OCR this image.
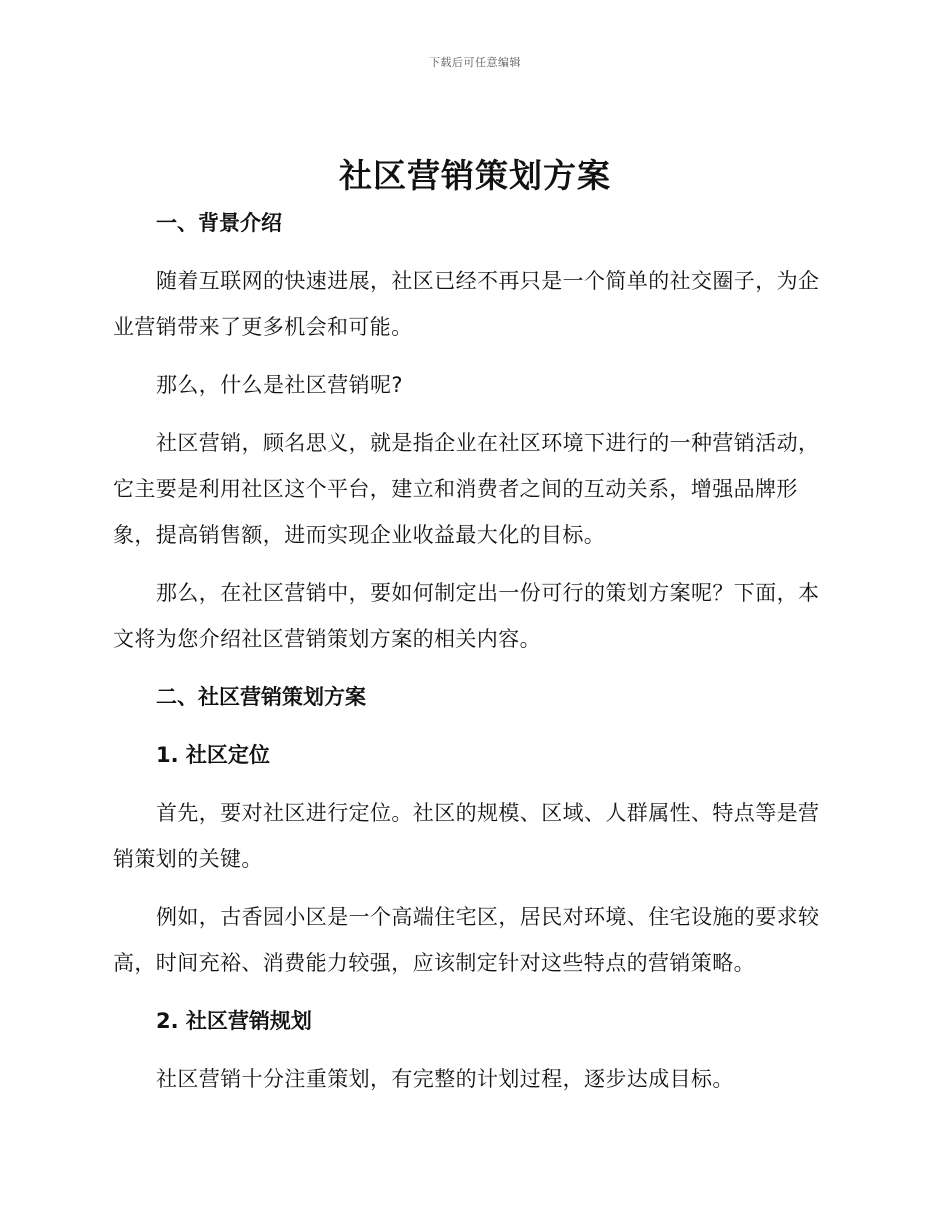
下载后可任意编辑
社区营销策划方案
一、背景介绍
随着互联网的快速进展，社区已经不再只是一个简单的社交圈子，为企业营销带来了更多机会和可能。
那么，什么是社区营销呢?
社区营销，顾名思义，就是指企业在社区环境下进行的一种营销活动，它主要是利用社区这个平台，建立和消费者之间的互动关系，增强品牌形象，提高销售额，进而实现企业收益最大化的目标。
那么，在社区营销中，要如何制定出一份可行的策划方案呢？下面，本文将为您介绍社区营销策划方案的相关内容。
二、社区营销策划方案
1. 社区定位
首先，要对社区进行定位。社区的规模、区域、人群属性、特点等是营销策划的关键。
例如，古香园小区是一个高端住宅区，居民对环境、住宅设施的要求较高，时间充裕、消费能力较强，应该制定针对这些特点的营销策略。
2. 社区营销规划
社区营销十分注重策划，有完整的计划过程，逐步达成目标。
